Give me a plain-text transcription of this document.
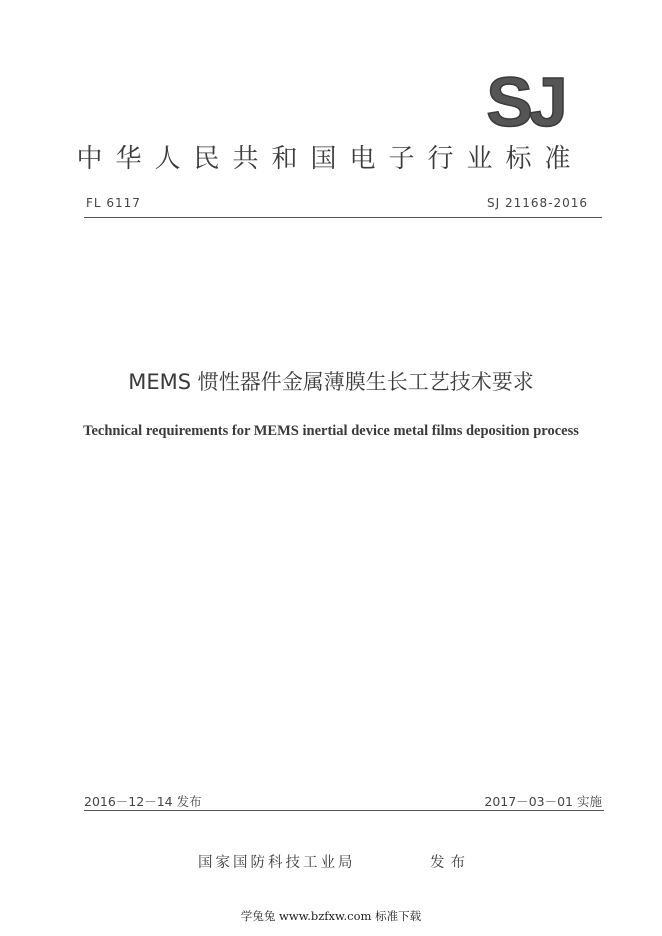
SJ
中华人民共和国电子行业标准
FL 6117	SJ 21168-2016
MEMS 惯性器件金属薄膜生长工艺技术要求
Technical requirements for MEMS inertial device metal films deposition process
2016－12－14 发布	2017－03－01 实施
国家国防科技工业局	发布
学兔兔 www.bzfxw.com 标准下载
